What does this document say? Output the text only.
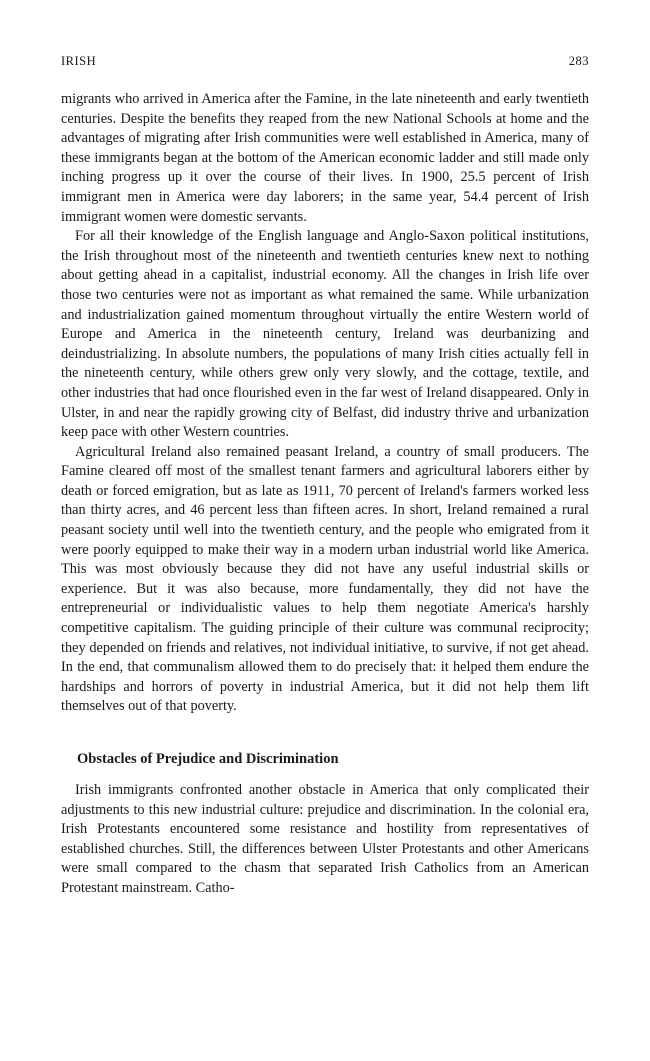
IRISH	283

migrants who arrived in America after the Famine, in the late nineteenth and early twentieth centuries. Despite the benefits they reaped from the new National Schools at home and the advantages of migrating after Irish communities were well established in America, many of these immigrants began at the bottom of the American economic ladder and still made only inching progress up it over the course of their lives. In 1900, 25.5 percent of Irish immigrant men in America were day laborers; in the same year, 54.4 percent of Irish immigrant women were domestic servants.

For all their knowledge of the English language and Anglo-Saxon political institutions, the Irish throughout most of the nineteenth and twentieth centuries knew next to nothing about getting ahead in a capitalist, industrial economy. All the changes in Irish life over those two centuries were not as important as what remained the same. While urbanization and industrialization gained momentum throughout virtually the entire Western world of Europe and America in the nineteenth century, Ireland was deurbanizing and deindustrializing. In absolute numbers, the populations of many Irish cities actually fell in the nineteenth century, while others grew only very slowly, and the cottage, textile, and other industries that had once flourished even in the far west of Ireland disappeared. Only in Ulster, in and near the rapidly growing city of Belfast, did industry thrive and urbanization keep pace with other Western countries.

Agricultural Ireland also remained peasant Ireland, a country of small producers. The Famine cleared off most of the smallest tenant farmers and agricultural laborers either by death or forced emigration, but as late as 1911, 70 percent of Ireland's farmers worked less than thirty acres, and 46 percent less than fifteen acres. In short, Ireland remained a rural peasant society until well into the twentieth century, and the people who emigrated from it were poorly equipped to make their way in a modern urban industrial world like America. This was most obviously because they did not have any useful industrial skills or experience. But it was also because, more fundamentally, they did not have the entrepreneurial or individualistic values to help them negotiate America's harshly competitive capitalism. The guiding principle of their culture was communal reciprocity; they depended on friends and relatives, not individual initiative, to survive, if not get ahead. In the end, that communalism allowed them to do precisely that: it helped them endure the hardships and horrors of poverty in industrial America, but it did not help them lift themselves out of that poverty.

Obstacles of Prejudice and Discrimination

Irish immigrants confronted another obstacle in America that only complicated their adjustments to this new industrial culture: prejudice and discrimination. In the colonial era, Irish Protestants encountered some resistance and hostility from representatives of established churches. Still, the differences between Ulster Protestants and other Americans were small compared to the chasm that separated Irish Catholics from an American Protestant mainstream. Catho-
